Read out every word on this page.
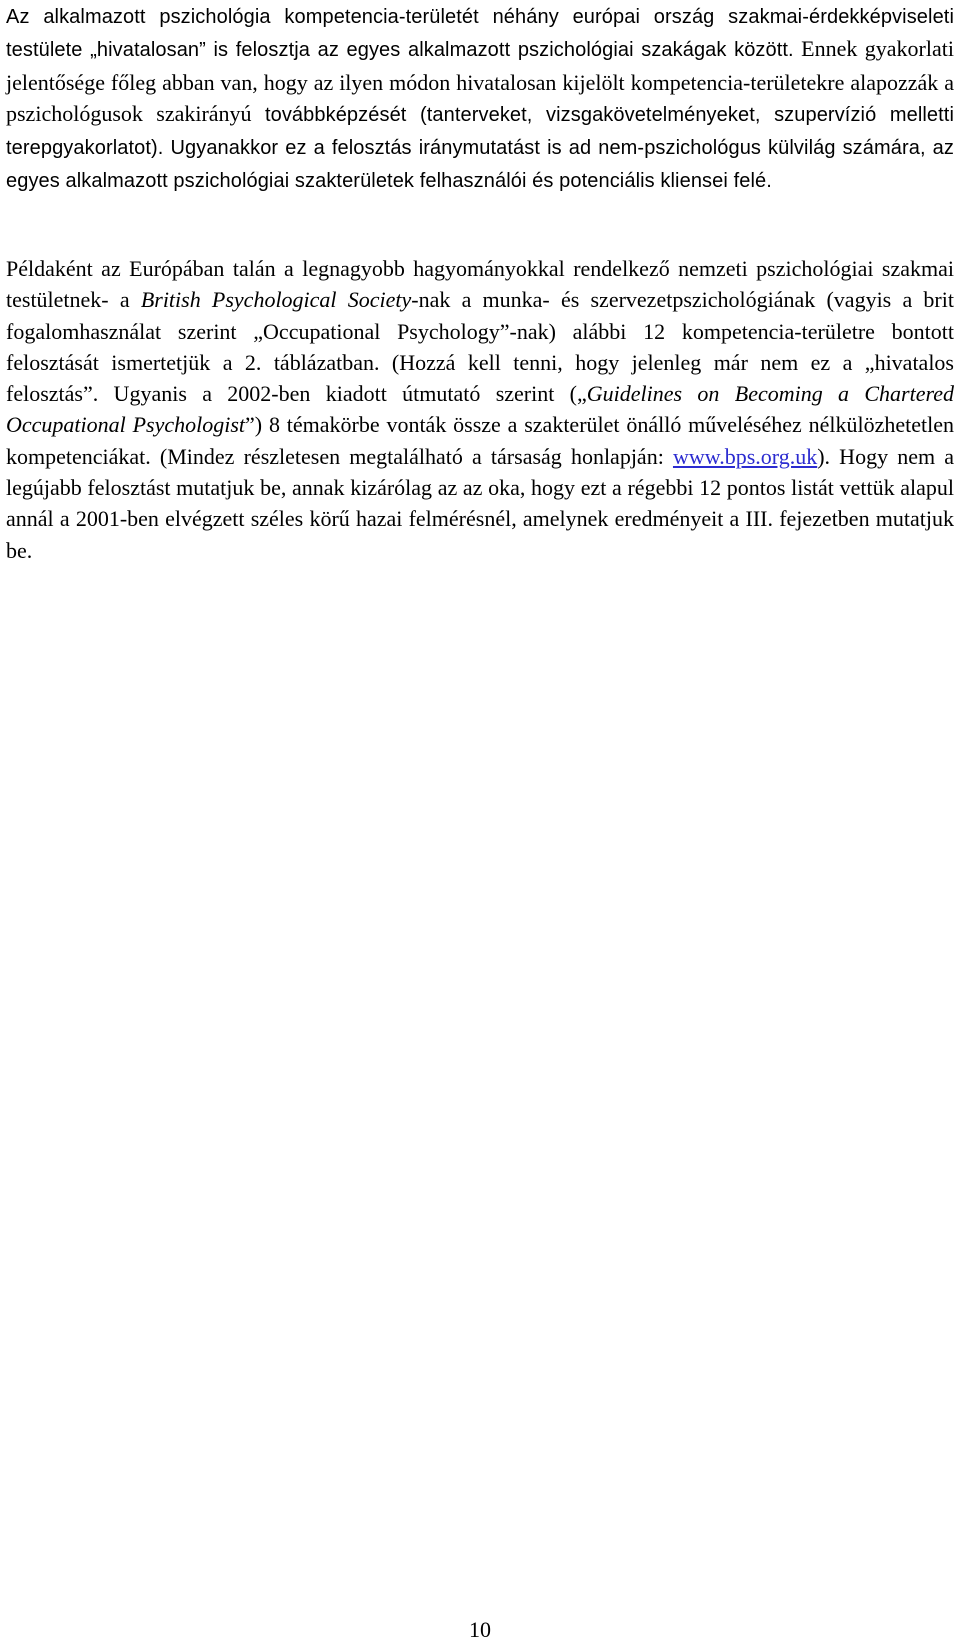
Az alkalmazott pszichológia kompetencia-területét néhány európai ország szakmai-érdekképviseleti testülete „hivatalosan” is felosztja az egyes alkalmazott pszichológiai szakágak között. Ennek gyakorlati jelentősége főleg abban van, hogy az ilyen módon hivatalosan kijelölt kompetencia-területekre alapozzák a pszichológusok szakirányú továbbképzését (tanterveket, vizsgakövetelményeket, szupervízió melletti terepgyakorlatot). Ugyanakkor ez a felosztás iránymutatást is ad nem-pszichológus külvilág számára, az egyes alkalmazott pszichológiai szakterületek felhasználói és potenciális kliensei felé.

Példaként az Európában talán a legnagyobb hagyományokkal rendelkező nemzeti pszichológiai szakmai testületnek- a British Psychological Society-nak a munka- és szervezetpszichológiának (vagyis a brit fogalomhasználat szerint „Occupational Psychology”-nak) alábbi 12 kompetencia-területre bontott felosztását ismertetjük a 2. táblázatban. (Hozzá kell tenni, hogy jelenleg már nem ez a „hivatalos felosztás”. Ugyanis a 2002-ben kiadott útmutató szerint („Guidelines on Becoming a Chartered Occupational Psychologist”) 8 témakörbe vonták össze a szakterület önálló műveléséhez nélkülözhetetlen kompetenciákat. (Mindez részletesen megtalálható a társaság honlapján: www.bps.org.uk). Hogy nem a legújabb felosztást mutatjuk be, annak kizárólag az az oka, hogy ezt a régebbi 12 pontos listát vettük alapul annál a 2001-ben elvégzett széles körű hazai felmérésnél, amelynek eredményeit a III. fejezetben mutatjuk be.

10
